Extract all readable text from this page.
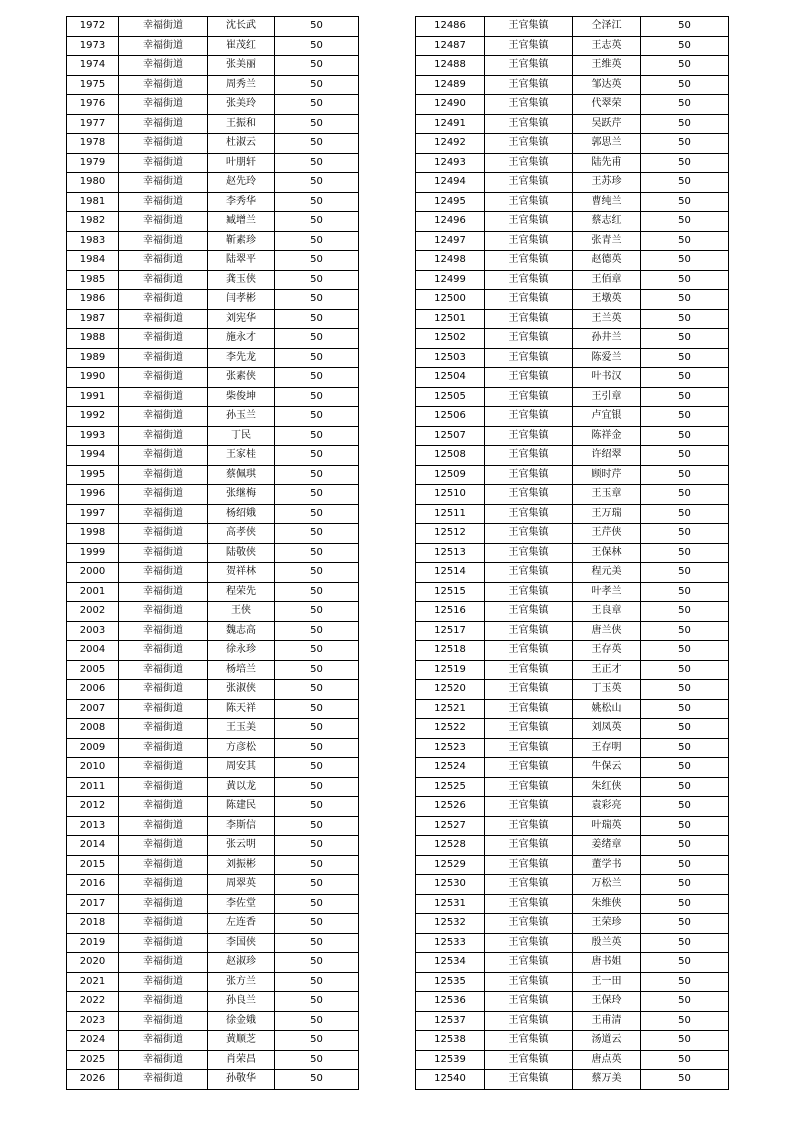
1972	幸福街道	沈长武	50
1973	幸福街道	崔茂红	50
1974	幸福街道	张美丽	50
1975	幸福街道	周秀兰	50
1976	幸福街道	张美玲	50
1977	幸福街道	王振和	50
1978	幸福街道	杜淑云	50
1979	幸福街道	叶朋轩	50
1980	幸福街道	赵先玲	50
1981	幸福街道	李秀华	50
1982	幸福街道	臧增兰	50
1983	幸福街道	靳素珍	50
1984	幸福街道	陆翠平	50
1985	幸福街道	龚玉侠	50
1986	幸福街道	闫孝彬	50
1987	幸福街道	刘宪华	50
1988	幸福街道	施永才	50
1989	幸福街道	李先龙	50
1990	幸福街道	张素侠	50
1991	幸福街道	柴俊坤	50
1992	幸福街道	孙玉兰	50
1993	幸福街道	丁民	50
1994	幸福街道	王家桂	50
1995	幸福街道	蔡佩琪	50
1996	幸福街道	张继梅	50
1997	幸福街道	杨绍娥	50
1998	幸福街道	高孝侠	50
1999	幸福街道	陆敬侠	50
2000	幸福街道	贺祥林	50
2001	幸福街道	程荣先	50
2002	幸福街道	王侠	50
2003	幸福街道	魏志高	50
2004	幸福街道	徐永珍	50
2005	幸福街道	杨培兰	50
2006	幸福街道	张淑侠	50
2007	幸福街道	陈天祥	50
2008	幸福街道	王玉美	50
2009	幸福街道	方彦松	50
2010	幸福街道	周安其	50
2011	幸福街道	黄以龙	50
2012	幸福街道	陈建民	50
2013	幸福街道	李斯信	50
2014	幸福街道	张云明	50
2015	幸福街道	刘振彬	50
2016	幸福街道	周翠英	50
2017	幸福街道	李佐堂	50
2018	幸福街道	左连香	50
2019	幸福街道	李国侠	50
2020	幸福街道	赵淑珍	50
2021	幸福街道	张方兰	50
2022	幸福街道	孙良兰	50
2023	幸福街道	徐金娥	50
2024	幸福街道	黄顺芝	50
2025	幸福街道	肖荣昌	50
2026	幸福街道	孙敬华	50
12486	王官集镇	仝泽江	50
12487	王官集镇	王志英	50
12488	王官集镇	王维英	50
12489	王官集镇	邹达英	50
12490	王官集镇	代翠荣	50
12491	王官集镇	吴跃芹	50
12492	王官集镇	郭思兰	50
12493	王官集镇	陆先甫	50
12494	王官集镇	王苏珍	50
12495	王官集镇	曹纯兰	50
12496	王官集镇	蔡志红	50
12497	王官集镇	张青兰	50
12498	王官集镇	赵德英	50
12499	王官集镇	王佰章	50
12500	王官集镇	王墩英	50
12501	王官集镇	王兰英	50
12502	王官集镇	孙井兰	50
12503	王官集镇	陈爱兰	50
12504	王官集镇	叶书汉	50
12505	王官集镇	王引章	50
12506	王官集镇	卢宜银	50
12507	王官集镇	陈祥金	50
12508	王官集镇	许绍翠	50
12509	王官集镇	顾时芹	50
12510	王官集镇	王玉章	50
12511	王官集镇	王万瑞	50
12512	王官集镇	王芹侠	50
12513	王官集镇	王保林	50
12514	王官集镇	程元美	50
12515	王官集镇	叶孝兰	50
12516	王官集镇	王良章	50
12517	王官集镇	唐兰侠	50
12518	王官集镇	王存英	50
12519	王官集镇	王正才	50
12520	王官集镇	丁玉英	50
12521	王官集镇	姚松山	50
12522	王官集镇	刘凤英	50
12523	王官集镇	王存明	50
12524	王官集镇	牛保云	50
12525	王官集镇	朱红侠	50
12526	王官集镇	袁彩亮	50
12527	王官集镇	叶瑞英	50
12528	王官集镇	姜绪章	50
12529	王官集镇	董学书	50
12530	王官集镇	万松兰	50
12531	王官集镇	朱维侠	50
12532	王官集镇	王荣珍	50
12533	王官集镇	殷兰英	50
12534	王官集镇	唐书姐	50
12535	王官集镇	王一田	50
12536	王官集镇	王保玲	50
12537	王官集镇	王甫清	50
12538	王官集镇	汤道云	50
12539	王官集镇	唐点英	50
12540	王官集镇	蔡万美	50
